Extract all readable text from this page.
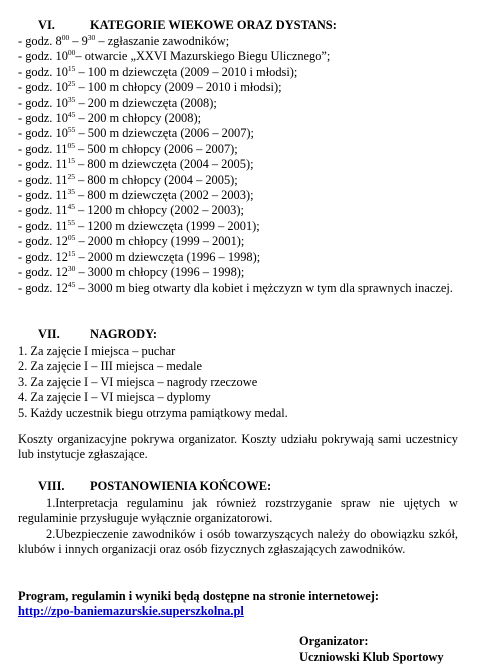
VI.	KATEGORIE WIEKOWE ORAZ DYSTANS:
- godz. $8^{00} - 9^{30}$ – zgłaszanie zawodników;
- godz. $10^{00}-$ otwarcie „XXVI Mazurskiego Biegu Ulicznego”;
- godz. $10^{15} - 100$ m dziewczęta (2009 – 2010 i młodsi);
- godz. $10^{25} - 100$ m chłopcy (2009 – 2010 i młodsi);
- godz. $10^{35} - 200$ m dziewczęta (2008);
- godz. $10^{45} - 200$ m chłopcy (2008);
- godz. $10^{55} - 500$ m dziewczęta (2006 – 2007);
- godz. $11^{05} - 500$ m chłopcy (2006 – 2007);
- godz. $11^{15} - 800$ m dziewczęta (2004 – 2005);
- godz. $11^{25} - 800$ m chłopcy (2004 – 2005);
- godz. $11^{35} - 800$ m dziewczęta (2002 – 2003);
- godz. $11^{45} - 1200$ m chłopcy (2002 – 2003);
- godz. $11^{55} - 1200$ m dziewczęta (1999 – 2001);
- godz. $12^{05} - 2000$ m chłopcy (1999 – 2001);
- godz. $12^{15} - 2000$ m dziewczęta (1996 – 1998);
- godz. $12^{30} - 3000$ m chłopcy (1996 – 1998);
- godz. $12^{45} - 3000$ m bieg otwarty dla kobiet i mężczyzn w tym dla sprawnych inaczej.
VII. NAGRODY:
1. Za zajęcie I miejsca – puchar
2. Za zajęcie I – III miejsca – medale
3. Za zajęcie I – VI miejsca – nagrody rzeczowe
4. Za zajęcie I – VI miejsca – dyplomy
5. Każdy uczestnik biegu otrzyma pamiątkowy medal.
Koszty organizacyjne pokrywa organizator. Koszty udziału pokrywają sami uczestnicy lub instytucje zgłaszające.
VIII. POSTANOWIENIA KOŃCOWE:
1.Interpretacja regulaminu jak również rozstrzyganie spraw nie ujętych w regulaminie przysługuje wyłącznie organizatorowi.
2.Ubezpieczenie zawodników i osób towarzyszących należy do obowiązku szkół, klubów i innych organizacji oraz osób fizycznych zgłaszających zawodników.
Program, regulamin i wyniki będą dostępne na stronie internetowej:
http://zpo-baniemazurskie.superszkolna.pl
Organizator:
Uczniowski Klub Sportowy
